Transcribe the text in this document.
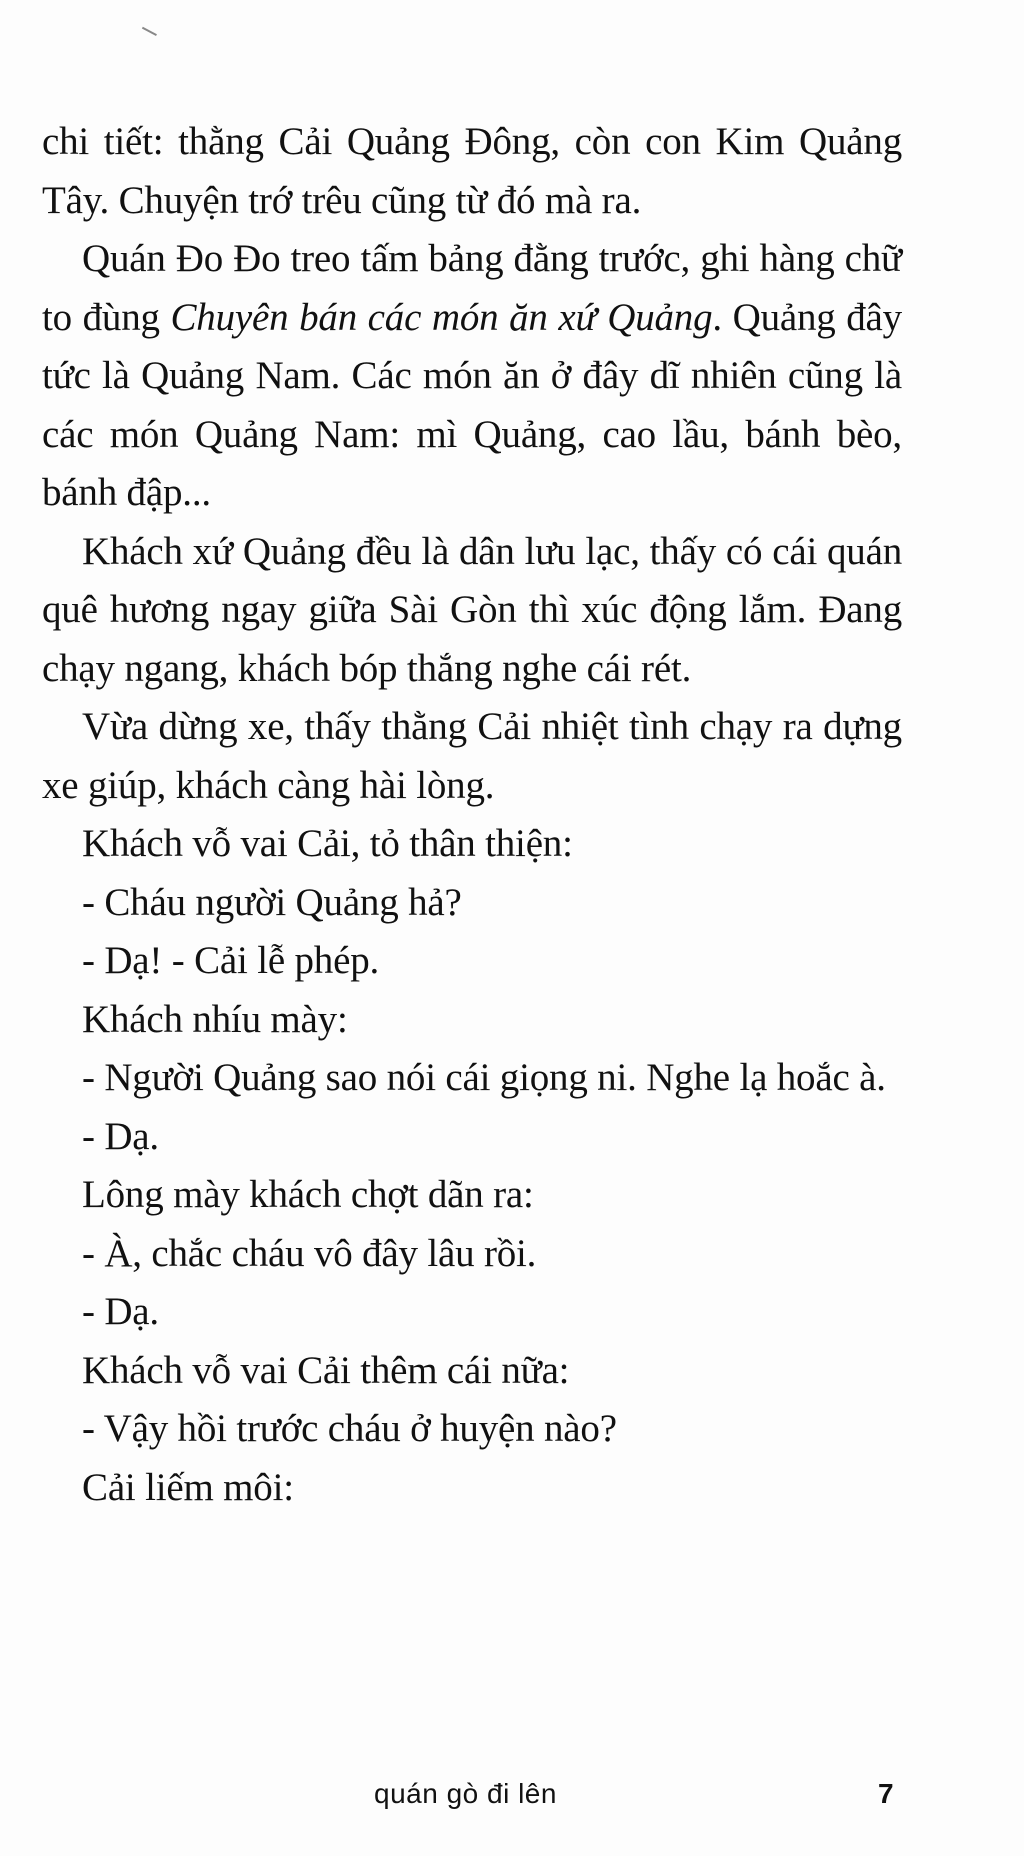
chi tiết: thằng Cải Quảng Đông, còn con Kim Quảng Tây. Chuyện trớ trêu cũng từ đó mà ra.

Quán Đo Đo treo tấm bảng đằng trước, ghi hàng chữ to đùng Chuyên bán các món ăn xứ Quảng. Quảng đây tức là Quảng Nam. Các món ăn ở đây dĩ nhiên cũng là các món Quảng Nam: mì Quảng, cao lầu, bánh bèo, bánh đập...

Khách xứ Quảng đều là dân lưu lạc, thấy có cái quán quê hương ngay giữa Sài Gòn thì xúc động lắm. Đang chạy ngang, khách bóp thắng nghe cái rét.

Vừa dừng xe, thấy thằng Cải nhiệt tình chạy ra dựng xe giúp, khách càng hài lòng.

Khách vỗ vai Cải, tỏ thân thiện:

- Cháu người Quảng hả?

- Dạ! - Cải lễ phép.

Khách nhíu mày:

- Người Quảng sao nói cái giọng ni. Nghe lạ hoắc à.

- Dạ.

Lông mày khách chợt dãn ra:

- À, chắc cháu vô đây lâu rồi.

- Dạ.

Khách vỗ vai Cải thêm cái nữa:

- Vậy hồi trước cháu ở huyện nào?

Cải liếm môi:

quán gò đi lên	7
